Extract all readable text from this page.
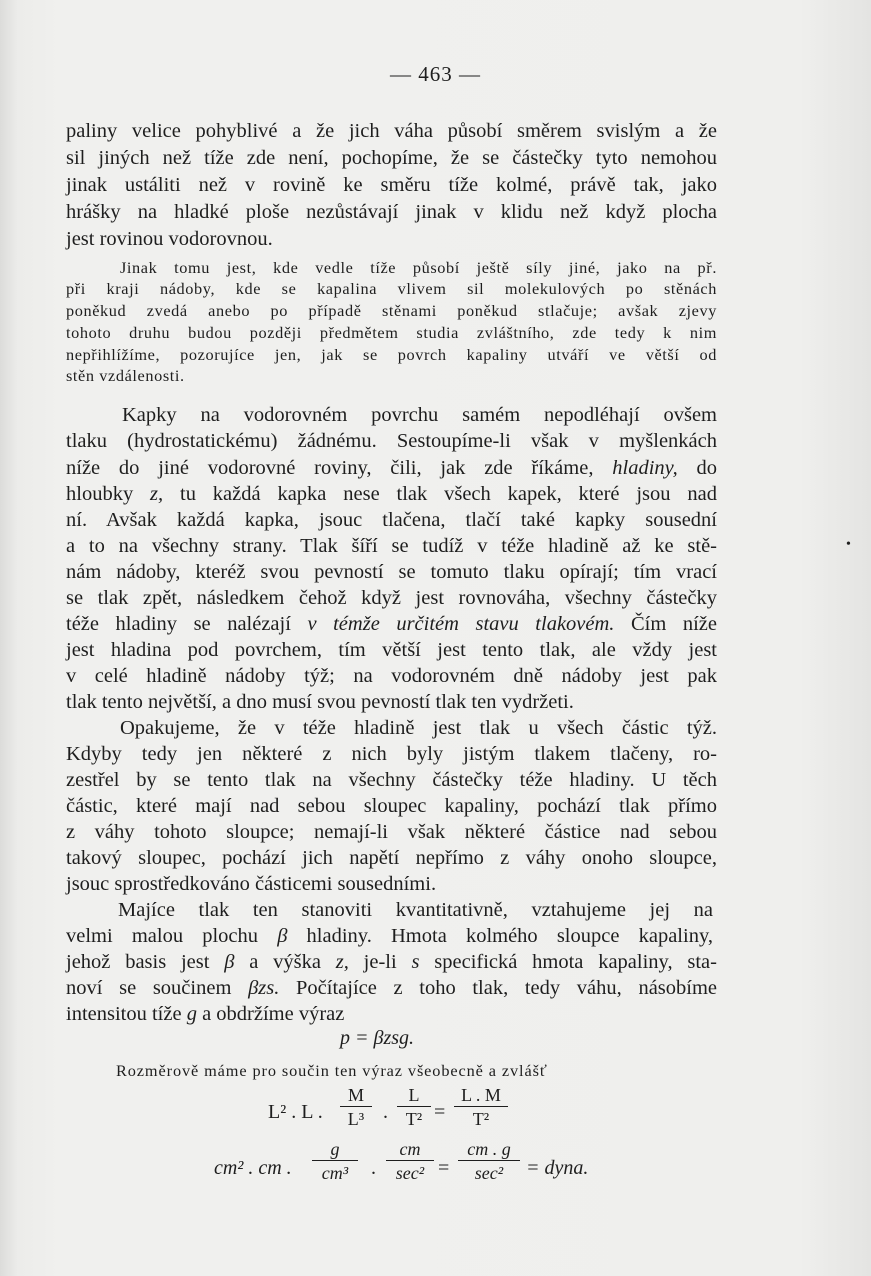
— 463 —
paliny velice pohyblivé a že jich váha působí směrem svislým a že
sil jiných než tíže zde není, pochopíme, že se částečky tyto nemohou
jinak ustáliti než v rovině ke směru tíže kolmé, právě tak, jako
hrášky na hladké ploše nezůstávají jinak v klidu než když plocha
jest rovinou vodorovnou.
Jinak tomu jest, kde vedle tíže působí ještě síly jiné, jako na př.
při kraji nádoby, kde se kapalina vlivem sil molekulových po stěnách
poněkud zvedá anebo po případě stěnami poněkud stlačuje; avšak zjevy
tohoto druhu budou později předmětem studia zvláštního, zde tedy k nim
nepřihlížíme, pozorujíce jen, jak se povrch kapaliny utváří ve větší od
stěn vzdálenosti.
Kapky na vodorovném povrchu samém nepodléhají ovšem
tlaku (hydrostatickému) žádnému. Sestoupíme-li však v myšlenkách
níže do jiné vodorovné roviny, čili, jak zde říkáme, hladiny, do
hloubky z, tu každá kapka nese tlak všech kapek, které jsou nad
ní. Avšak každá kapka, jsouc tlačena, tlačí také kapky sousední
a to na všechny strany. Tlak šíří se tudíž v téže hladině až ke stě-
nám nádoby, kteréž svou pevností se tomuto tlaku opírají; tím vrací
se tlak zpět, následkem čehož když jest rovnováha, všechny částečky
téže hladiny se nalézají v témže určitém stavu tlakovém. Čím níže
jest hladina pod povrchem, tím větší jest tento tlak, ale vždy jest
v celé hladině nádoby týž; na vodorovném dně nádoby jest pak
tlak tento největší, a dno musí svou pevností tlak ten vydržeti.
Opakujeme, že v téže hladině jest tlak u všech částic týž.
Kdyby tedy jen některé z nich byly jistým tlakem tlačeny, ro-
zestřel by se tento tlak na všechny částečky téže hladiny. U těch
částic, které mají nad sebou sloupec kapaliny, pochází tlak přímo
z váhy tohoto sloupce; nemají-li však některé částice nad sebou
takový sloupec, pochází jich napětí nepřímo z váhy onoho sloupce,
jsouc sprostředkováno částicemi sousedními.
Majíce tlak ten stanoviti kvantitativně, vztahujeme jej na
velmi malou plochu β hladiny. Hmota kolmého sloupce kapaliny,
jehož basis jest β a výška z, je-li s specifická hmota kapaliny, sta-
noví se součinem βzs. Počítajíce z toho tlak, tedy váhu, násobíme
intensitou tíže g a obdržíme výraz
p = βzsg.
Rozměrově máme pro součin ten výraz všeobecně a zvlášť
L² . L .
M
L³ .
L
T² =
L . M
T²
cm² . cm .
g
cm³	.
cm
sec² =
cm . g
sec²	= dyna.
•
